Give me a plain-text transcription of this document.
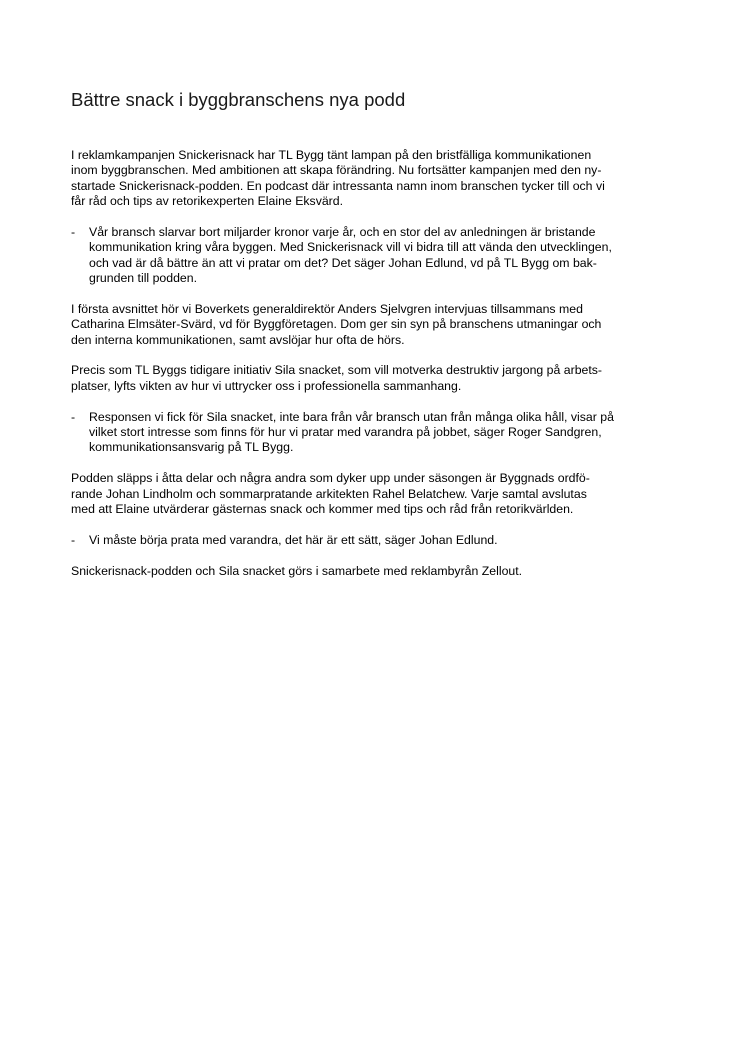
Bättre snack i byggbranschens nya podd
I reklamkampanjen Snickerisnack har TL Bygg tänt lampan på den bristfälliga kommunikationen
inom byggbranschen. Med ambitionen att skapa förändring. Nu fortsätter kampanjen med den ny-
startade Snickerisnack-podden. En podcast där intressanta namn inom branschen tycker till och vi
får råd och tips av retorikexperten Elaine Eksvärd.
- Vår bransch slarvar bort miljarder kronor varje år, och en stor del av anledningen är bristande
kommunikation kring våra byggen. Med Snickerisnack vill vi bidra till att vända den utvecklingen,
och vad är då bättre än att vi pratar om det? Det säger Johan Edlund, vd på TL Bygg om bak-
grunden till podden.
I första avsnittet hör vi Boverkets generaldirektör Anders Sjelvgren intervjuas tillsammans med
Catharina Elmsäter-Svärd, vd för Byggföretagen. Dom ger sin syn på branschens utmaningar och
den interna kommunikationen, samt avslöjar hur ofta de hörs.
Precis som TL Byggs tidigare initiativ Sila snacket, som vill motverka destruktiv jargong på arbets-
platser, lyfts vikten av hur vi uttrycker oss i professionella sammanhang.
- Responsen vi fick för Sila snacket, inte bara från vår bransch utan från många olika håll, visar på
vilket stort intresse som finns för hur vi pratar med varandra på jobbet, säger Roger Sandgren,
kommunikationsansvarig på TL Bygg.
Podden släpps i åtta delar och några andra som dyker upp under säsongen är Byggnads ordfö-
rande Johan Lindholm och sommarpratande arkitekten Rahel Belatchew. Varje samtal avslutas
med att Elaine utvärderar gästernas snack och kommer med tips och råd från retorikvärlden.
- Vi måste börja prata med varandra, det här är ett sätt, säger Johan Edlund.
Snickerisnack-podden och Sila snacket görs i samarbete med reklambyrån Zellout.
